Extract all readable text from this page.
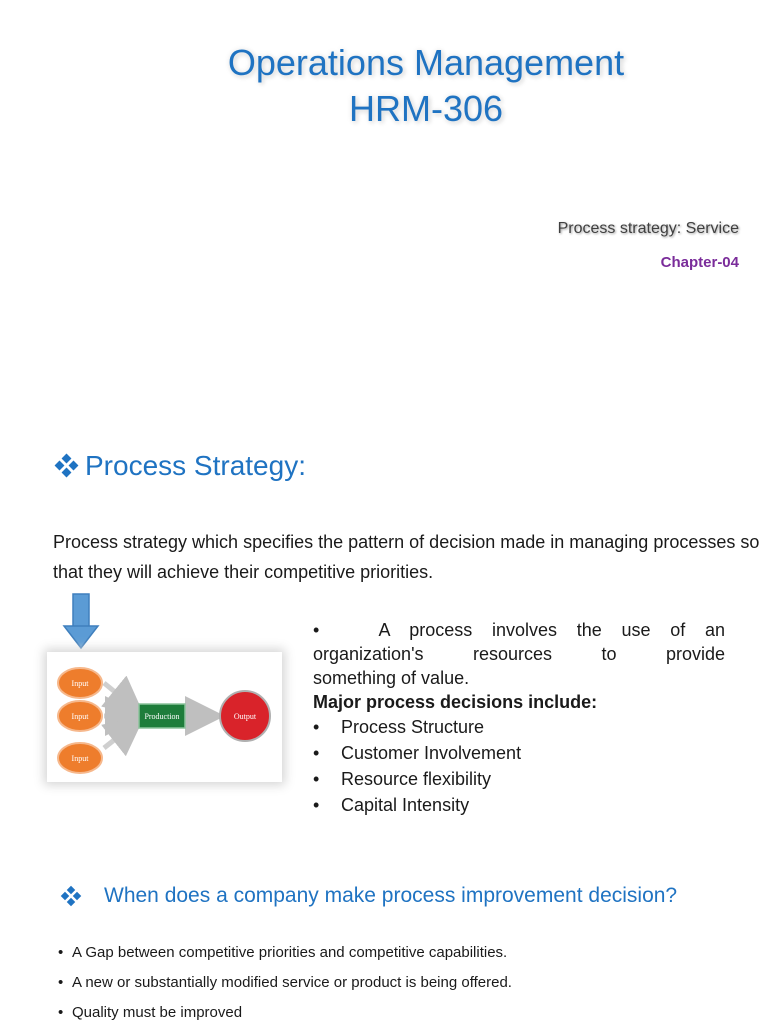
Operations Management
HRM-306
Process strategy: Service
Chapter-04
Process Strategy:
Process strategy which specifies the pattern of decision made in managing processes so that they will achieve their competitive priorities.
Input
Input
Input
Production	Output
•   A process involves the use of an
organization's resources to provide
something of value.
Major process decisions include:
•	Process Structure
•	Customer Involvement
•	Resource flexibility
•	Capital Intensity
When does a company make process improvement decision?
• A Gap between competitive priorities and competitive capabilities.
• A new or substantially modified service or product is being offered.
• Quality must be improved
